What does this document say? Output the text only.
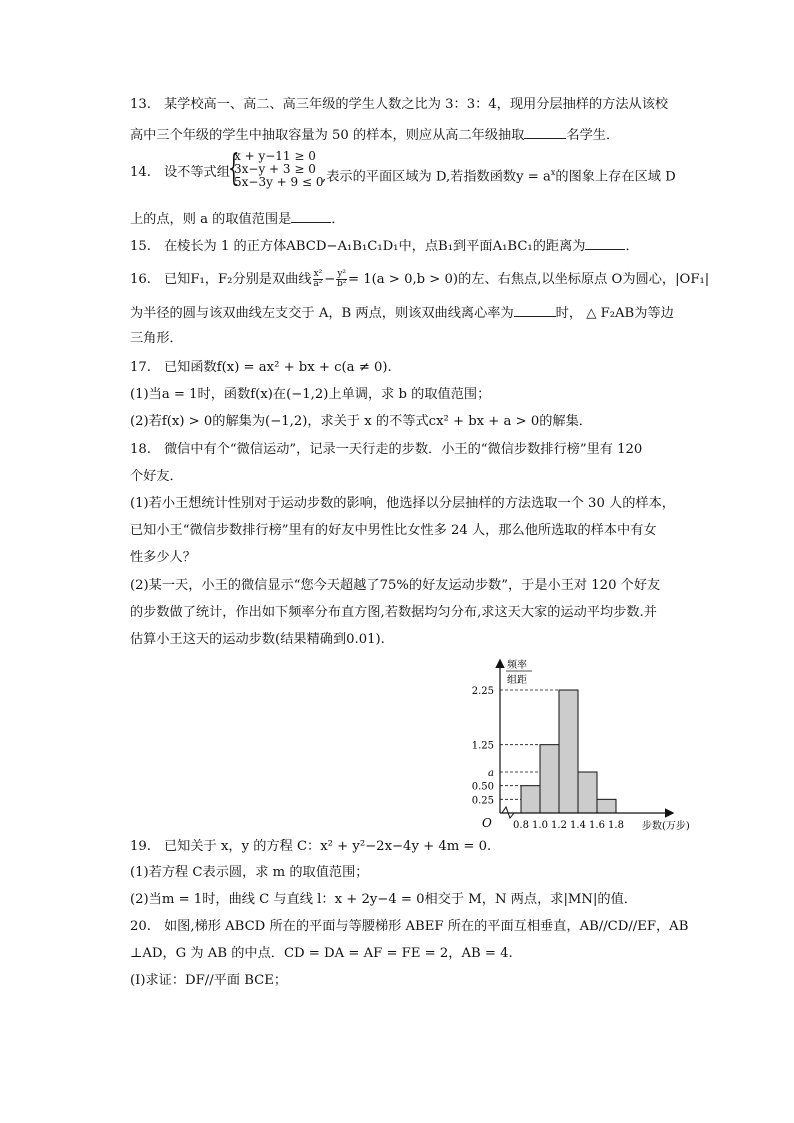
13. 某学校高一、高二、高三年级的学生人数之比为 3：3：4，现用分层抽样的方法从该校
高中三个年级的学生中抽取容量为 50 的样本，则应从高二年级抽取	名学生．
14. 设不等式组
{
x + y−11 ≥ 0
3x−y + 3 ≥ 0
5x−3y + 9 ≤ 0
,表示的平面区域为 D,若指数函数$y = a^x$的图象上存在区域 D
上的点，则 a 的取值范围是	．
15. 在棱长为 1 的正方体ABCD−A₁B₁C₁D₁中，点B₁到平面A₁BC₁的距离为	．
16. 已知F₁，F₂分别是双曲线 $\frac{\text{x²}}{\text{a²}} - \frac{\text{y²}}{\text{b²}} = 1(a > 0,b > 0)$的左、右焦点,以坐标原点 O为圆心，|OF₁|
为半径的圆与该双曲线左支交于 A，B 两点，则该双曲线离心率为	时， △ F₂AB为等边
三角形．
17. 已知函数f(x) = ax² + bx + c(a ≠ 0).
(1)当a = 1时，函数f(x)在(−1,2)上单调，求 b 的取值范围；
(2)若f(x) > 0的解集为(−1,2)，求关于 x 的不等式cx² + bx + a > 0的解集．
18. 微信中有个“微信运动”，记录一天行走的步数．小王的“微信步数排行榜”里有 120
个好友．
(1)若小王想统计性别对于运动步数的影响，他选择以分层抽样的方法选取一个 30 人的样本，
已知小王“微信步数排行榜”里有的好友中男性比女性多 24 人，那么他所选取的样本中有女
性多少人？
(2)某一天，小王的微信显示“您今天超越了75%的好友运动步数”，于是小王对 120 个好友
的步数做了统计，作出如下频率分布直方图,若数据均匀分布,求这天大家的运动平均步数.并
估算小王这天的运动步数(结果精确到0.01).
0.25
0.50
a
1.25
2.25
0.8 1.0 1.2 1.4 1.6 1.8
O
频率
组距
步数(万步)
19. 已知关于 x，y 的方程 C：x² + y²−2x−4y + 4m = 0.
(1)若方程 C表示圆，求 m 的取值范围；
(2)当m = 1时，曲线 C 与直线 l：x + 2y−4 = 0相交于 M，N 两点，求|MN|的值．
20. 如图,梯形 ABCD 所在的平面与等腰梯形 ABEF 所在的平面互相垂直，AB//CD//EF，AB
⊥AD，G 为 AB 的中点．CD = DA = AF = FE = 2，AB = 4.
(Ⅰ)求证：DF//平面 BCE；
